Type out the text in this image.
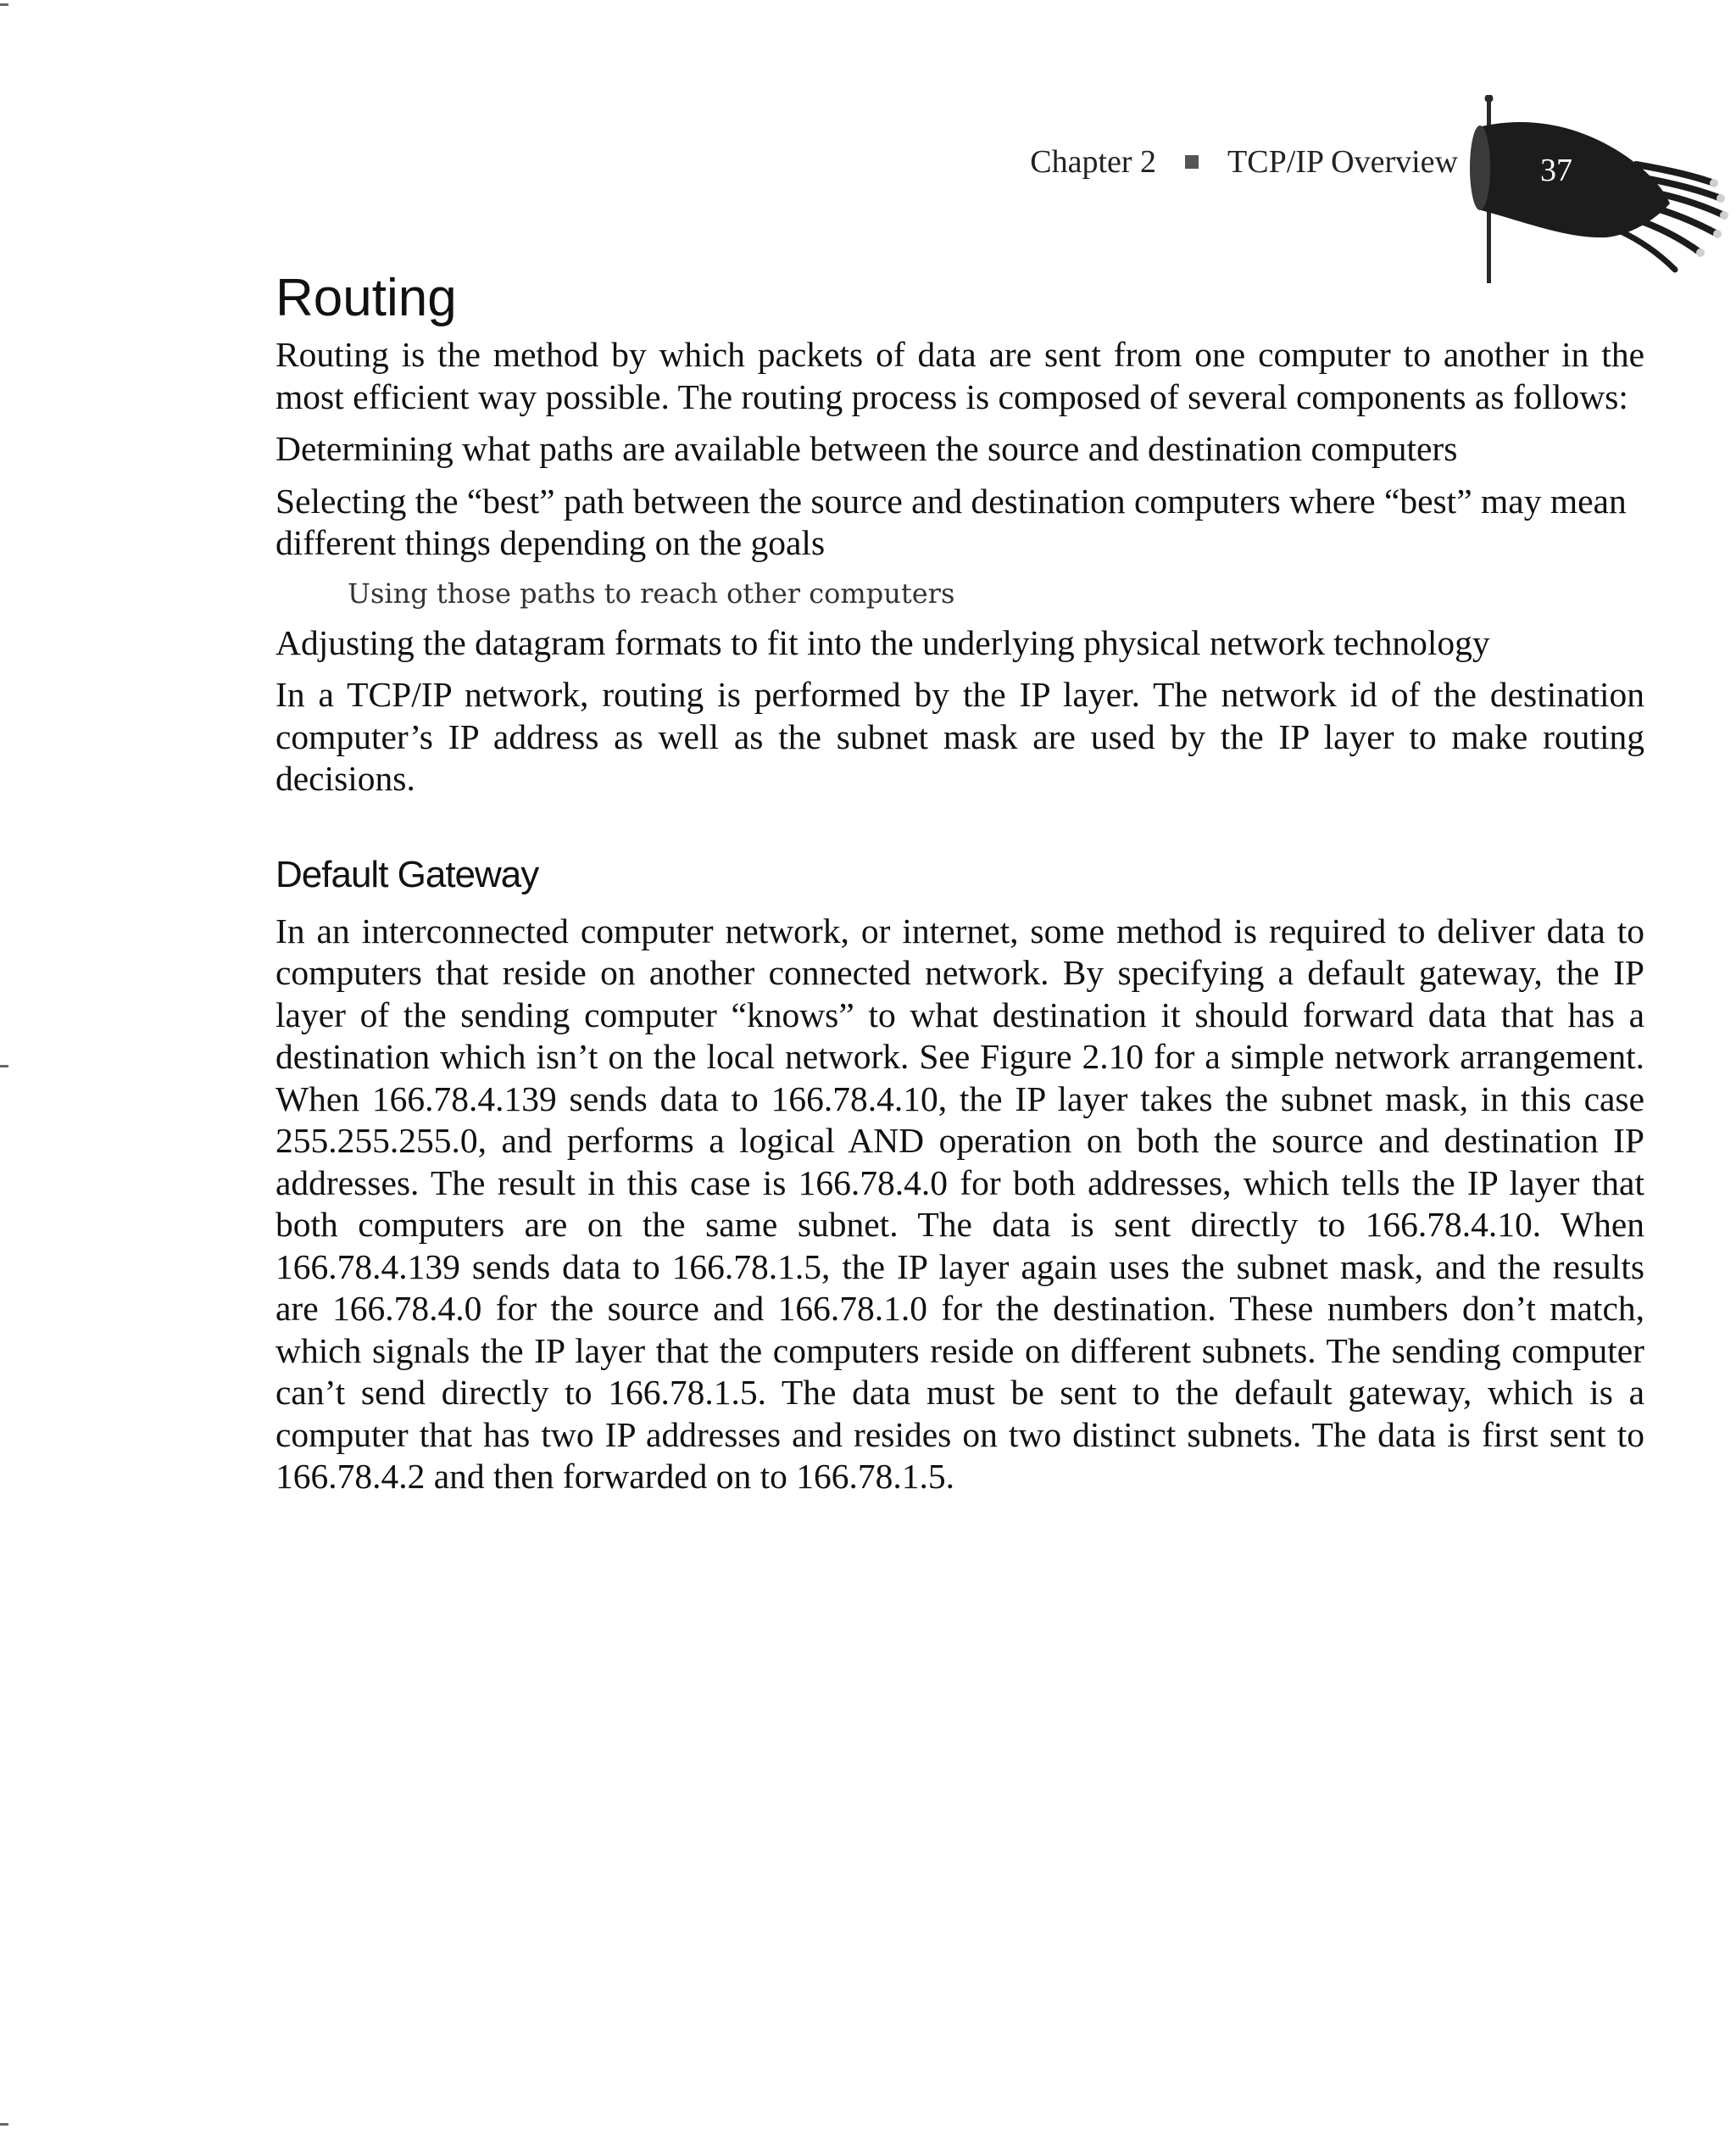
Chapter 2 TCP/IP Overview	37
Routing

Routing is the method by which packets of data are sent from one computer to another in the most efficient way possible. The routing process is composed of several components as follows:

Determining what paths are available between the source and destination computers

Selecting the “best” path between the source and destination computers where “best” may mean different things depending on the goals

Using those paths to reach other computers

Adjusting the datagram formats to fit into the underlying physical network technology

In a TCP/IP network, routing is performed by the IP layer. The network id of the destination computer’s IP address as well as the subnet mask are used by the IP layer to make routing decisions.

Default Gateway

In an interconnected computer network, or internet, some method is required to deliver data to computers that reside on another connected network. By specifying a default gateway, the IP layer of the sending computer “knows” to what destination it should forward data that has a destination which isn’t on the local network. See Figure 2.10 for a simple network arrangement. When 166.78.4.139 sends data to 166.78.4.10, the IP layer takes the subnet mask, in this case 255.255.255.0, and performs a logical AND operation on both the source and destination IP addresses. The result in this case is 166.78.4.0 for both addresses, which tells the IP layer that both computers are on the same subnet. The data is sent directly to 166.78.4.10. When 166.78.4.139 sends data to 166.78.1.5, the IP layer again uses the subnet mask, and the results are 166.78.4.0 for the source and 166.78.1.0 for the destination. These numbers don’t match, which signals the IP layer that the computers reside on different subnets. The sending computer can’t send directly to 166.78.1.5. The data must be sent to the default gateway, which is a computer that has two IP addresses and resides on two distinct subnets. The data is first sent to 166.78.4.2 and then forwarded on to 166.78.1.5.
